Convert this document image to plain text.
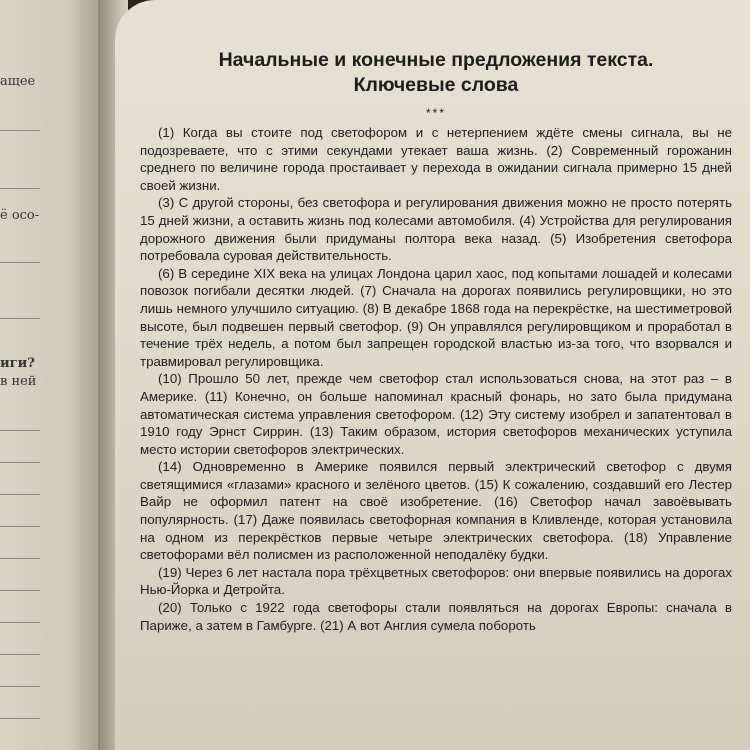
ащее
ё осо-
иги?
в ней
Начальные и конечные предложения текста.
Ключевые слова
***

(1) Когда вы стоите под светофором и с нетерпением ждёте смены сигнала, вы не подозреваете, что с этими секундами утекает ваша жизнь. (2) Современный горожанин среднего по величине города простаивает у перехода в ожидании сигнала примерно 15 дней своей жизни.

(3) С другой стороны, без светофора и регулирования движения можно не просто потерять 15 дней жизни, а оставить жизнь под колесами автомобиля. (4) Устройства для регулирования дорожного движения были придуманы полтора века назад. (5) Изобретения светофора потребовала суровая действительность.

(6) В середине XIX века на улицах Лондона царил хаос, под копытами лошадей и колесами повозок погибали десятки людей. (7) Сначала на дорогах появились регулировщики, но это лишь немного улучшило ситуацию. (8) В декабре 1868 года на перекрёстке, на шестиметровой высоте, был подвешен первый светофор. (9) Он управлялся регулировщиком и проработал в течение трёх недель, а потом был запрещен городской властью из-за того, что взорвался и травмировал регулировщика.

(10) Прошло 50 лет, прежде чем светофор стал использоваться снова, на этот раз – в Америке. (11) Конечно, он больше напоминал красный фонарь, но зато была придумана автоматическая система управления светофором. (12) Эту систему изобрел и запатентовал в 1910 году Эрнст Сиррин. (13) Таким образом, история светофоров механических уступила место истории светофоров электрических.

(14) Одновременно в Америке появился первый электрический светофор с двумя светящимися «глазами» красного и зелёного цветов. (15) К сожалению, создавший его Лестер Вайр не оформил патент на своё изобретение. (16) Светофор начал завоёвывать популярность. (17) Даже появилась светофорная компания в Кливленде, которая установила на одном из перекрёстков первые четыре электрических светофора. (18) Управление светофорами вёл полисмен из расположенной неподалёку будки.

(19) Через 6 лет настала пора трёхцветных светофоров: они впервые появились на дорогах Нью-Йорка и Детройта.

(20) Только с 1922 года светофоры стали появляться на дорогах Европы: сначала в Париже, а затем в Гамбурге. (21) А вот Англия сумела побороть
